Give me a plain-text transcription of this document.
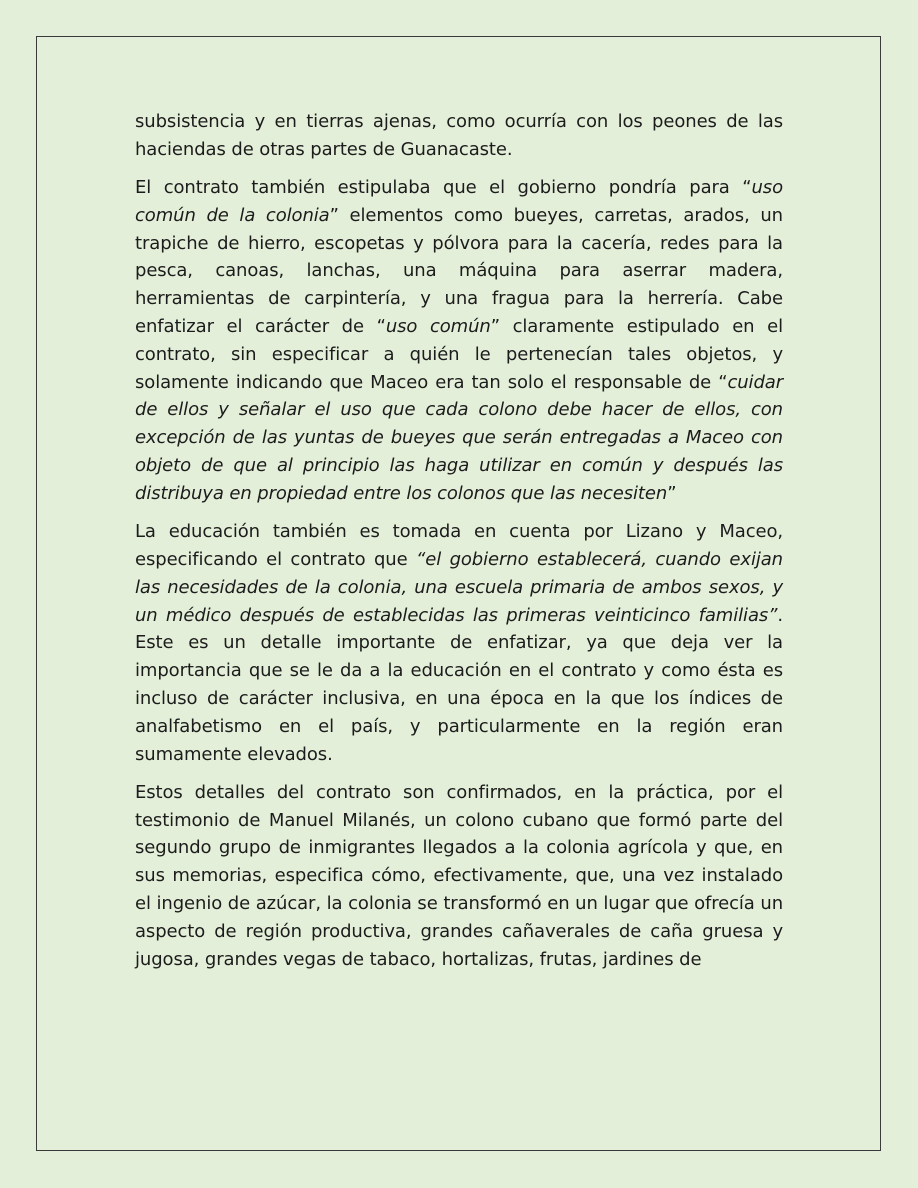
subsistencia y en tierras ajenas, como ocurría con los peones de las haciendas de otras partes de Guanacaste.

El contrato también estipulaba que el gobierno pondría para “uso común de la colonia” elementos como bueyes, carretas, arados, un trapiche de hierro, escopetas y pólvora para la cacería, redes para la pesca, canoas, lanchas, una máquina para aserrar madera, herramientas de carpintería, y una fragua para la herrería. Cabe enfatizar el carácter de “uso común” claramente estipulado en el contrato, sin especificar a quién le pertenecían tales objetos, y solamente indicando que Maceo era tan solo el responsable de “cuidar de ellos y señalar el uso que cada colono debe hacer de ellos, con excepción de las yuntas de bueyes que serán entregadas a Maceo con objeto de que al principio las haga utilizar en común y después las distribuya en propiedad entre los colonos que las necesiten”

La educación también es tomada en cuenta por Lizano y Maceo, especificando el contrato que “el gobierno establecerá, cuando exijan las necesidades de la colonia, una escuela primaria de ambos sexos, y un médico después de establecidas las primeras veinticinco familias”. Este es un detalle importante de enfatizar, ya que deja ver la importancia que se le da a la educación en el contrato y como ésta es incluso de carácter inclusiva, en una época en la que los índices de analfabetismo en el país, y particularmente en la región eran sumamente elevados.

Estos detalles del contrato son confirmados, en la práctica, por el testimonio de Manuel Milanés, un colono cubano que formó parte del segundo grupo de inmigrantes llegados a la colonia agrícola y que, en sus memorias, especifica cómo, efectivamente, que, una vez instalado el ingenio de azúcar, la colonia se transformó en un lugar que ofrecía un aspecto de región productiva, grandes cañaverales de caña gruesa y jugosa, grandes vegas de tabaco, hortalizas, frutas, jardines de
